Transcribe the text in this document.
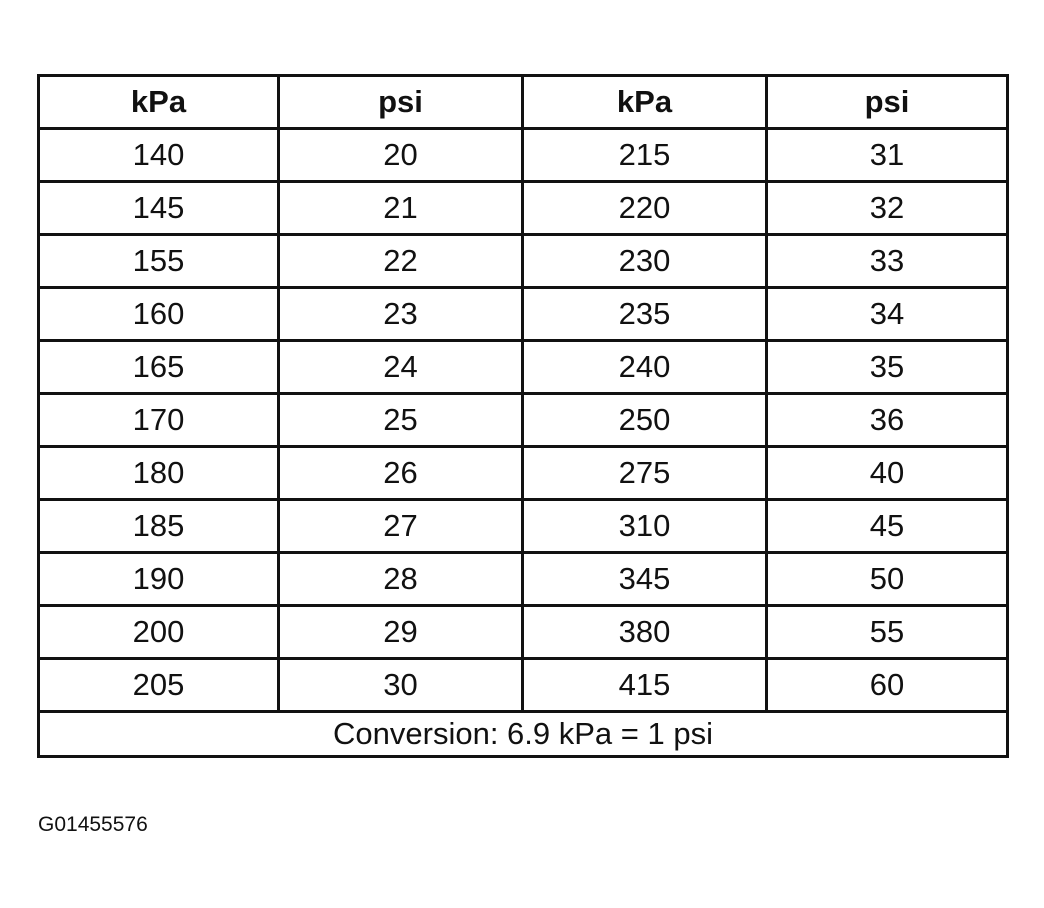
kPa	psi	kPa	psi
140	20	215	31
145	21	220	32
155	22	230	33
160	23	235	34
165	24	240	35
170	25	250	36
180	26	275	40
185	27	310	45
190	28	345	50
200	29	380	55
205	30	415	60
Conversion: 6.9 kPa = 1 psi			
G01455576
